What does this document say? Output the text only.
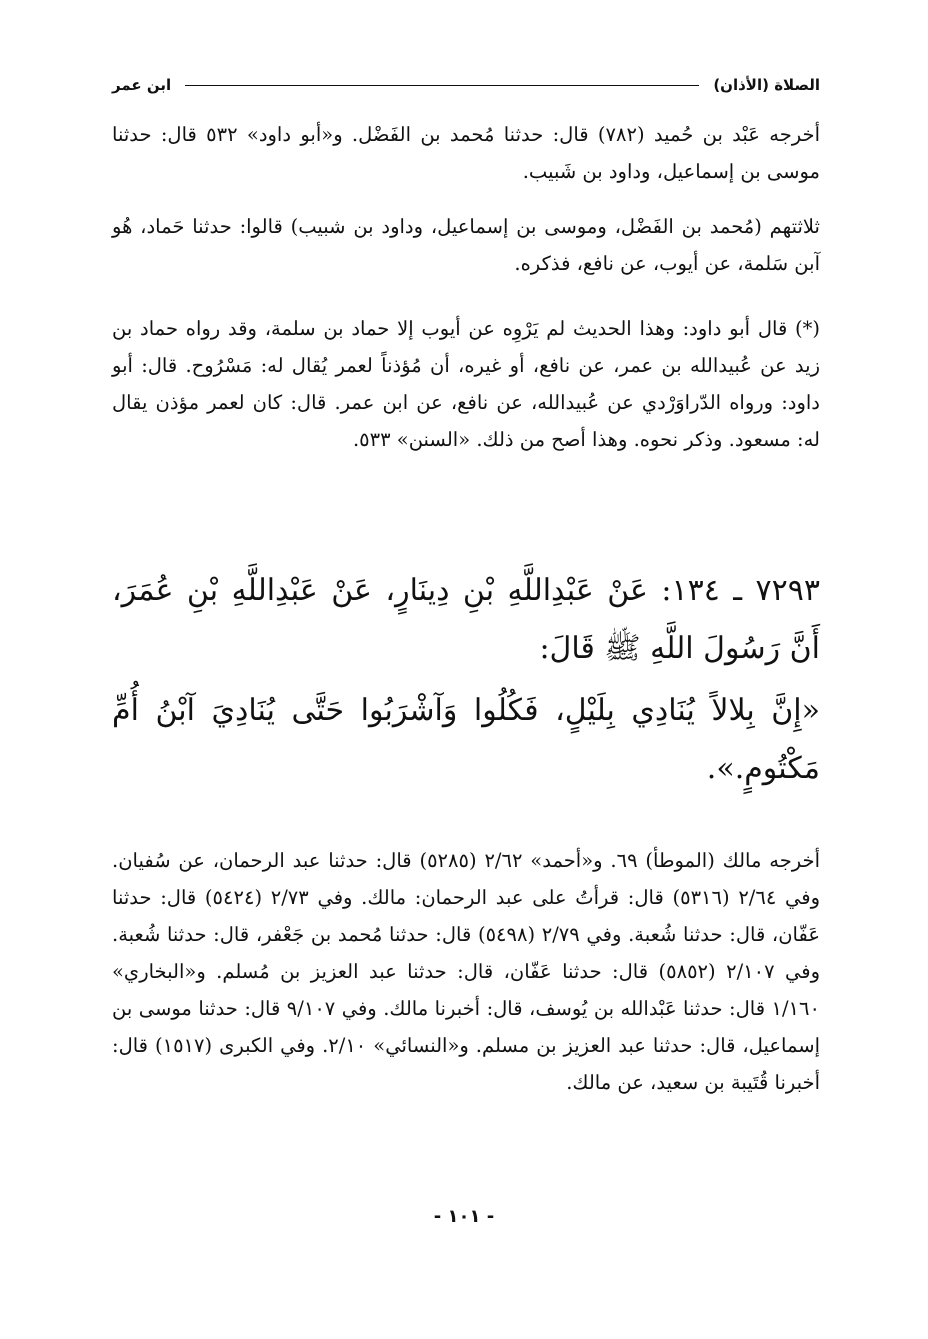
الصلاة (الأذان)
ابن عمر

أخرجه عَبْد بن حُميد (٧٨٢) قال: حدثنا مُحمد بن الفَضْل. و«أبو داود» ٥٣٢ قال: حدثنا موسى بن إسماعيل، وداود بن شَبيب.

ثلاثتهم (مُحمد بن الفَضْل، وموسى بن إسماعيل، وداود بن شبيب) قالوا: حدثنا حَماد، هُو آبن سَلمة، عن أيوب، عن نافع، فذكره.

(*) قال أبو داود: وهذا الحديث لم يَرْوِه عن أيوب إلا حماد بن سلمة، وقد رواه حماد بن زيد عن عُبيدالله بن عمر، عن نافع، أو غيره، أن مُؤذناً لعمر يُقال له: مَسْرُوح. قال: أبو داود: ورواه الدّراوَرْدي عن عُبيدالله، عن نافع، عن ابن عمر. قال: كان لعمر مؤذن يقال له: مسعود. وذكر نحوه. وهذا أصح من ذلك. «السنن» ٥٣٣.

٧٢٩٣ ـ ١٣٤: عَنْ عَبْدِاللَّهِ بْنِ دِينَارٍ، عَنْ عَبْدِاللَّهِ بْنِ عُمَرَ، أَنَّ رَسُولَ اللَّهِ ﷺ قَالَ:

«إِنَّ بِلالاً يُنَادِي بِلَيْلٍ، فَكُلُوا وَآشْرَبُوا حَتَّى يُنَادِيَ آبْنُ أُمِّ مَكْتُومٍ.».

أخرجه مالك (الموطأ) ٦٩. و«أحمد» ٢/٦٢ (٥٢٨٥) قال: حدثنا عبد الرحمان، عن سُفيان. وفي ٢/٦٤ (٥٣١٦) قال: قرأتُ على عبد الرحمان: مالك. وفي ٢/٧٣ (٥٤٢٤) قال: حدثنا عَفّان، قال: حدثنا شُعبة. وفي ٢/٧٩ (٥٤٩٨) قال: حدثنا مُحمد بن جَعْفر، قال: حدثنا شُعبة. وفي ٢/١٠٧ (٥٨٥٢) قال: حدثنا عَفّان، قال: حدثنا عبد العزيز بن مُسلم. و«البخاري» ١/١٦٠ قال: حدثنا عَبْدالله بن يُوسف، قال: أخبرنا مالك. وفي ٩/١٠٧ قال: حدثنا موسى بن إسماعيل، قال: حدثنا عبد العزيز بن مسلم. و«النسائي» ٢/١٠. وفي الكبرى (١٥١٧) قال: أخبرنا قُتَيبة بن سعيد، عن مالك.

- ١٠١ -
